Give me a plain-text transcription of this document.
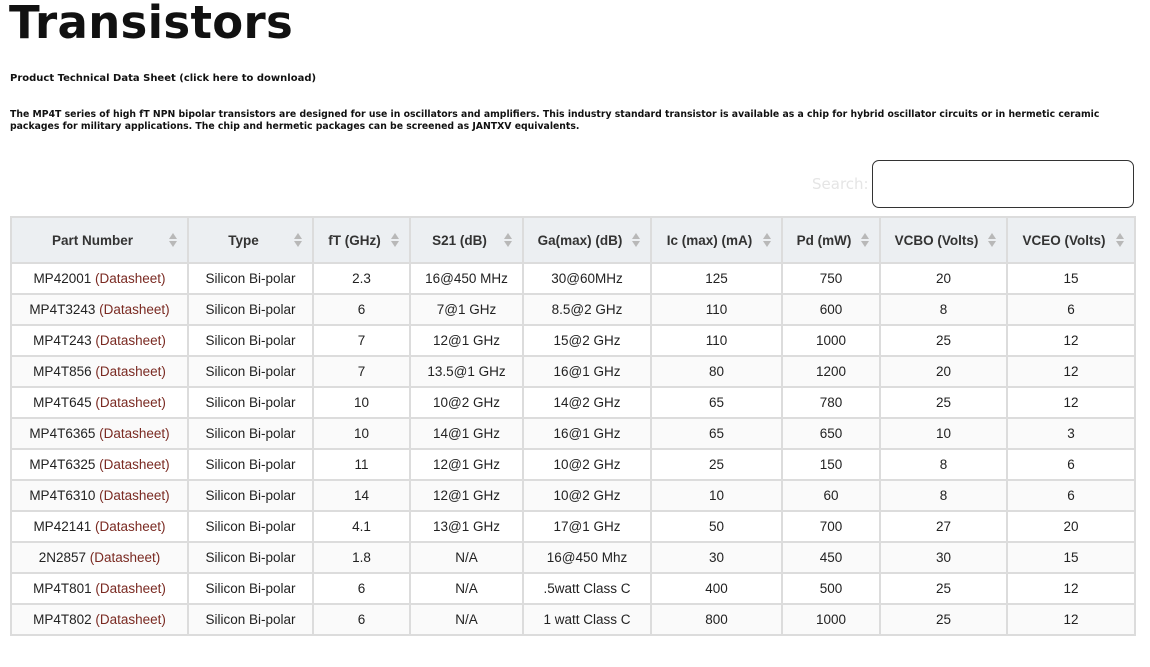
Transistors
Product Technical Data Sheet (click here to download)

The MP4T series of high fT NPN bipolar transistors are designed for use in oscillators and amplifiers. This industry standard transistor is available as a chip for hybrid oscillator circuits or in hermetic ceramic packages for military applications. The chip and hermetic packages can be screened as JANTXV equivalents.

Search:
Part Number	Type	fT (GHz)	S21 (dB)	Ga(max) (dB)	Ic (max) (mA)	Pd (mW)	VCBO (Volts)	VCEO (Volts)

MP42001 (Datasheet)	Silicon Bi-polar	2.3	16@450 MHz	30@60MHz	125	750	20	15
MP4T3243 (Datasheet)	Silicon Bi-polar	6	7@1 GHz	8.5@2 GHz	110	600	8	6
MP4T243 (Datasheet)	Silicon Bi-polar	7	12@1 GHz	15@2 GHz	110	1000	25	12
MP4T856 (Datasheet)	Silicon Bi-polar	7	13.5@1 GHz	16@1 GHz	80	1200	20	12
MP4T645 (Datasheet)	Silicon Bi-polar	10	10@2 GHz	14@2 GHz	65	780	25	12
MP4T6365 (Datasheet)	Silicon Bi-polar	10	14@1 GHz	16@1 GHz	65	650	10	3
MP4T6325 (Datasheet)	Silicon Bi-polar	11	12@1 GHz	10@2 GHz	25	150	8	6
MP4T6310 (Datasheet)	Silicon Bi-polar	14	12@1 GHz	10@2 GHz	10	60	8	6
MP42141 (Datasheet)	Silicon Bi-polar	4.1	13@1 GHz	17@1 GHz	50	700	27	20
2N2857 (Datasheet)	Silicon Bi-polar	1.8	N/A	16@450 Mhz	30	450	30	15
MP4T801 (Datasheet)	Silicon Bi-polar	6	N/A	.5watt Class C	400	500	25	12
MP4T802 (Datasheet)	Silicon Bi-polar	6	N/A	1 watt Class C	800	1000	25	12
